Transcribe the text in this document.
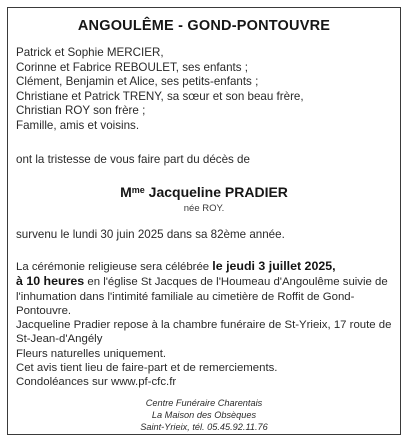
ANGOULÊME - GOND-PONTOUVRE
Patrick et Sophie MERCIER,
Corinne et Fabrice REBOULET, ses enfants ;
Clément, Benjamin et Alice, ses petits-enfants ;
Christiane et Patrick TRENY, sa sœur et son beau frère,
Christian ROY son frère ;
Famille, amis et voisins.
ont la tristesse de vous faire part du décès de
$M^{me}$ Jacqueline PRADIER
née ROY.
survenu le lundi 30 juin 2025 dans sa 82ème année.
La cérémonie religieuse sera célébrée le jeudi 3 juillet 2025,
à 10 heures en l'église St Jacques de l'Houmeau d'Angoulême suivie de
l'inhumation dans l'intimité familiale au cimetière de Roffit de Gond-
Pontouvre.
Jacqueline Pradier repose à la chambre funéraire de St-Yrieix, 17 route de
St-Jean-d'Angély
Fleurs naturelles uniquement.
Cet avis tient lieu de faire-part et de remerciements.
Condoléances sur www.pf-cfc.fr
Centre Funéraire Charentais
La Maison des Obsèques
Saint-Yrieix, tél. 05.45.92.11.76
